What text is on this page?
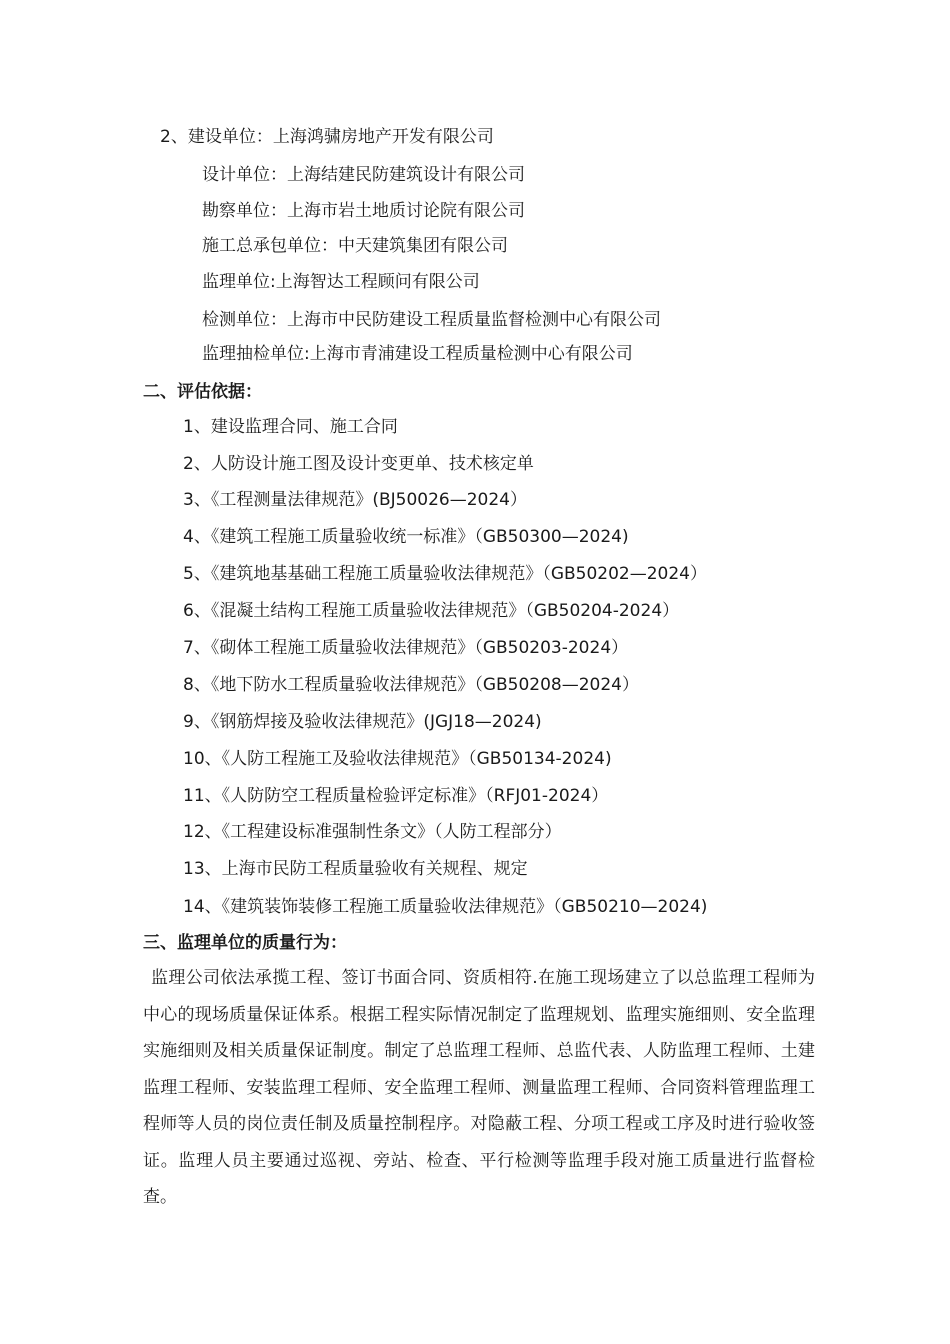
2、建设单位：上海鸿骕房地产开发有限公司
设计单位：上海结建民防建筑设计有限公司
勘察单位：上海市岩土地质讨论院有限公司
施工总承包单位：中天建筑集团有限公司
监理单位:上海智达工程顾问有限公司
检测单位：上海市中民防建设工程质量监督检测中心有限公司
监理抽检单位:上海市青浦建设工程质量检测中心有限公司
二、评估依据：
1、建设监理合同、施工合同
2、人防设计施工图及设计变更单、技术核定单
3、《工程测量法律规范》(BJ50026—2024）
4、《建筑工程施工质量验收统一标准》（GB50300—2024)
5、《建筑地基基础工程施工质量验收法律规范》（GB50202—2024）
6、《混凝土结构工程施工质量验收法律规范》（GB50204-2024）
7、《砌体工程施工质量验收法律规范》（GB50203-2024）
8、《地下防水工程质量验收法律规范》（GB50208—2024）
9、《钢筋焊接及验收法律规范》(JGJ18—2024)
10、《人防工程施工及验收法律规范》（GB50134-2024)
11、《人防防空工程质量检验评定标准》（RFJ01-2024）
12、《工程建设标准强制性条文》（人防工程部分）
13、上海市民防工程质量验收有关规程、规定
14、《建筑装饰装修工程施工质量验收法律规范》（GB50210—2024)
三、监理单位的质量行为：
监理公司依法承揽工程、签订书面合同、资质相符.在施工现场建立了以总监理工程师为中心的现场质量保证体系。根据工程实际情况制定了监理规划、监理实施细则、安全监理实施细则及相关质量保证制度。制定了总监理工程师、总监代表、人防监理工程师、土建监理工程师、安装监理工程师、安全监理工程师、测量监理工程师、合同资料管理监理工程师等人员的岗位责任制及质量控制程序。对隐蔽工程、分项工程或工序及时进行验收签证。监理人员主要通过巡视、旁站、检查、平行检测等监理手段对施工质量进行监督检查。
